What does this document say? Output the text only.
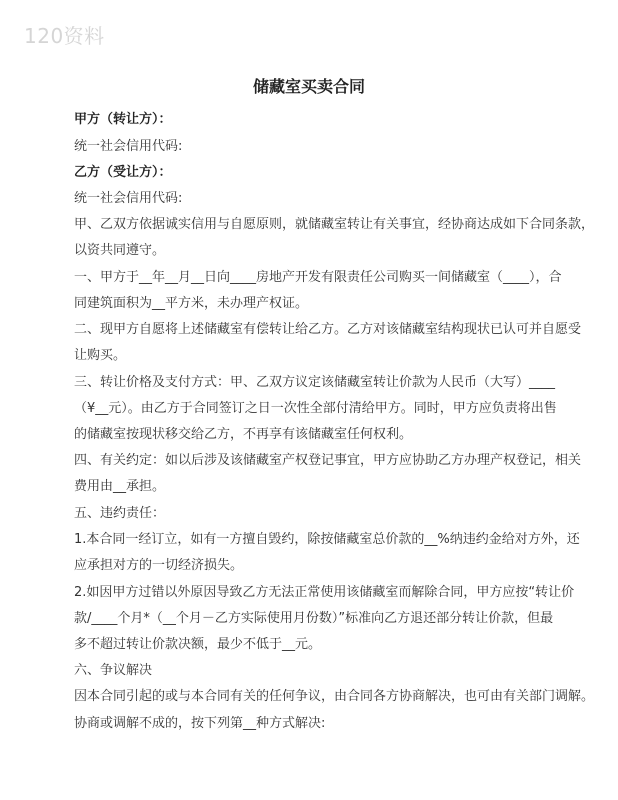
120资料
储藏室买卖合同
甲方（转让方）：
统一社会信用代码:
乙方（受让方）：
统一社会信用代码:
甲、乙双方依据诚实信用与自愿原则，就储藏室转让有关事宜，经协商达成如下合同条款，
以资共同遵守。
一、甲方于__年__月__日向____房地产开发有限责任公司购买一间储藏室（____），合
同建筑面积为__平方米，未办理产权证。
二、现甲方自愿将上述储藏室有偿转让给乙方。乙方对该储藏室结构现状已认可并自愿受
让购买。
三、转让价格及支付方式：甲、乙双方议定该储藏室转让价款为人民币（大写）____
（¥__元）。由乙方于合同签订之日一次性全部付清给甲方。同时，甲方应负责将出售
的储藏室按现状移交给乙方，不再享有该储藏室任何权利。
四、有关约定：如以后涉及该储藏室产权登记事宜，甲方应协助乙方办理产权登记，相关
费用由__承担。
五、违约责任：
1.本合同一经订立，如有一方擅自毁约，除按储藏室总价款的__%纳违约金给对方外，还
应承担对方的一切经济损失。
2.如因甲方过错以外原因导致乙方无法正常使用该储藏室而解除合同，甲方应按“转让价
款/____个月*（__个月－乙方实际使用月份数）”标准向乙方退还部分转让价款，但最
多不超过转让价款决额，最少不低于__元。
六、争议解决
因本合同引起的或与本合同有关的任何争议，由合同各方协商解决，也可由有关部门调解。
协商或调解不成的，按下列第__种方式解决:
